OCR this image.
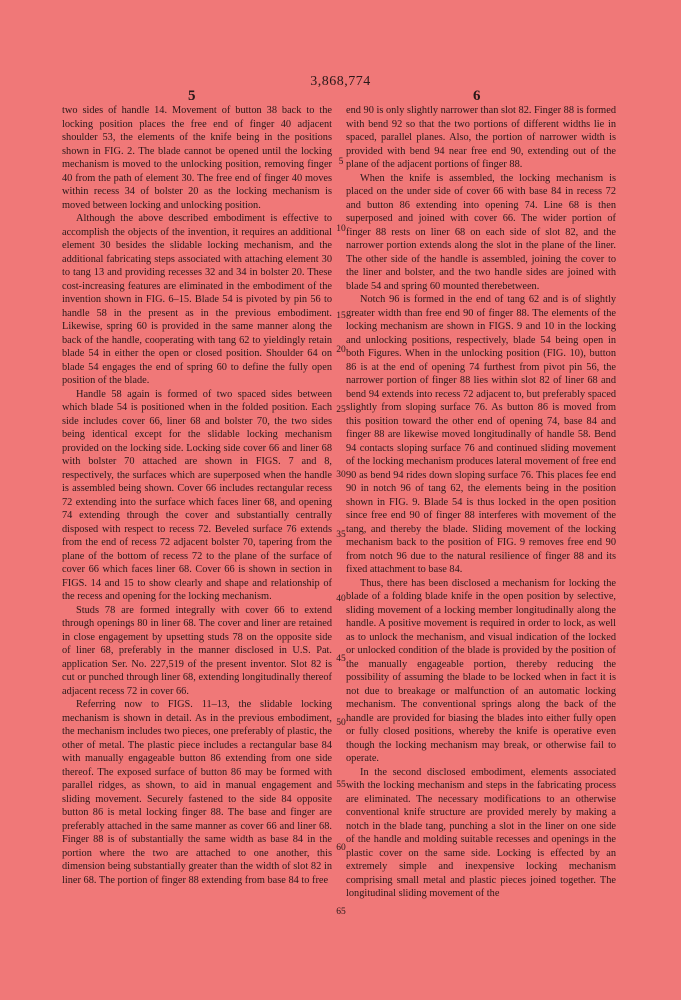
3,868,774
5	6

two sides of handle 14. Movement of button 38 back to the locking position places the free end of finger 40 adjacent shoulder 53, the elements of the knife being in the positions shown in FIG. 2. The blade cannot be opened until the locking mechanism is moved to the unlocking position, removing finger 40 from the path of element 30. The free end of finger 40 moves within recess 34 of bolster 20 as the locking mechanism is moved between locking and unlocking position.

Although the above described embodiment is effective to accomplish the objects of the invention, it requires an additional element 30 besides the slidable locking mechanism, and the additional fabricating steps associated with attaching element 30 to tang 13 and providing recesses 32 and 34 in bolster 20. These cost-increasing features are eliminated in the embodiment of the invention shown in FIG. 6–15. Blade 54 is pivoted by pin 56 to handle 58 in the present as in the previous embodiment. Likewise, spring 60 is provided in the same manner along the back of the handle, cooperating with tang 62 to yieldingly retain blade 54 in either the open or closed position. Shoulder 64 on blade 54 engages the end of spring 60 to define the fully open position of the blade.

Handle 58 again is formed of two spaced sides between which blade 54 is positioned when in the folded position. Each side includes cover 66, liner 68 and bolster 70, the two sides being identical except for the slidable locking mechanism provided on the locking side. Locking side cover 66 and liner 68 with bolster 70 attached are shown in FIGS. 7 and 8, respectively, the surfaces which are superposed when the handle is assembled being shown. Cover 66 includes rectangular recess 72 extending into the surface which faces liner 68, and opening 74 extending through the cover and substantially centrally disposed with respect to recess 72. Beveled surface 76 extends from the end of recess 72 adjacent bolster 70, tapering from the plane of the bottom of recess 72 to the plane of the surface of cover 66 which faces liner 68. Cover 66 is shown in section in FIGS. 14 and 15 to show clearly and shape and relationship of the recess and opening for the locking mechanism.

Studs 78 are formed integrally with cover 66 to extend through openings 80 in liner 68. The cover and liner are retained in close engagement by upsetting studs 78 on the opposite side of liner 68, preferably in the manner disclosed in U.S. Pat. application Ser. No. 227,519 of the present inventor. Slot 82 is cut or punched through liner 68, extending longitudinally thereof adjacent recess 72 in cover 66.

Referring now to FIGS. 11–13, the slidable locking mechanism is shown in detail. As in the previous embodiment, the mechanism includes two pieces, one preferably of plastic, the other of metal. The plastic piece includes a rectangular base 84 with manually engageable button 86 extending from one side thereof. The exposed surface of button 86 may be formed with parallel ridges, as shown, to aid in manual engagement and sliding movement. Securely fastened to the side 84 opposite button 86 is metal locking finger 88. The base and finger are preferably attached in the same manner as cover 66 and liner 68. Finger 88 is of substantially the same width as base 84 in the portion where the two are attached to one another, this dimension being substantially greater than the width of slot 82 in liner 68. The portion of finger 88 extending from base 84 to free

end 90 is only slightly narrower than slot 82. Finger 88 is formed with bend 92 so that the two portions of different widths lie in spaced, parallel planes. Also, the portion of narrower width is provided with bend 94 near free end 90, extending out of the plane of the adjacent portions of finger 88.

When the knife is assembled, the locking mechanism is placed on the under side of cover 66 with base 84 in recess 72 and button 86 extending into opening 74. Line 68 is then superposed and joined with cover 66. The wider portion of finger 88 rests on liner 68 on each side of slot 82, and the narrower portion extends along the slot in the plane of the liner. The other side of the handle is assembled, joining the cover to the liner and bolster, and the two handle sides are joined with blade 54 and spring 60 mounted therebetween.

Notch 96 is formed in the end of tang 62 and is of slightly greater width than free end 90 of finger 88. The elements of the locking mechanism are shown in FIGS. 9 and 10 in the locking and unlocking positions, respectively, blade 54 being open in both Figures. When in the unlocking position (FIG. 10), button 86 is at the end of opening 74 furthest from pivot pin 56, the narrower portion of finger 88 lies within slot 82 of liner 68 and bend 94 extends into recess 72 adjacent to, but preferably spaced slightly from sloping surface 76. As button 86 is moved from this position toward the other end of opening 74, base 84 and finger 88 are likewise moved longitudinally of handle 58. Bend 94 contacts sloping surface 76 and continued sliding movement of the locking mechanism produces lateral movement of free end 90 as bend 94 rides down sloping surface 76. This places fee end 90 in notch 96 of tang 62, the elements being in the position shown in FIG. 9. Blade 54 is thus locked in the open position since free end 90 of finger 88 interferes with movement of the tang, and thereby the blade. Sliding movement of the locking mechanism back to the position of FIG. 9 removes free end 90 from notch 96 due to the natural resilience of finger 88 and its fixed attachment to base 84.

Thus, there has been disclosed a mechanism for locking the blade of a folding blade knife in the open position by selective, sliding movement of a locking member longitudinally along the handle. A positive movement is required in order to lock, as well as to unlock the mechanism, and visual indication of the locked or unlocked condition of the blade is provided by the position of the manually engageable portion, thereby reducing the possibility of assuming the blade to be locked when in fact it is not due to breakage or malfunction of an automatic locking mechanism. The conventional springs along the back of the handle are provided for biasing the blades into either fully open or fully closed positions, whereby the knife is operative even though the locking mechanism may break, or otherwise fail to operate.

In the second disclosed embodiment, elements associated with the locking mechanism and steps in the fabricating process are eliminated. The necessary modifications to an otherwise conventional knife structure are provided merely by making a notch in the blade tang, punching a slot in the liner on one side of the handle and molding suitable recesses and openings in the plastic cover on the same side. Locking is effected by an extremely simple and inexpensive locking mechanism comprising small metal and plastic pieces joined together. The longitudinal sliding movement of the

5
10
15
20
25
30
35
40
45
50
55
60
65
